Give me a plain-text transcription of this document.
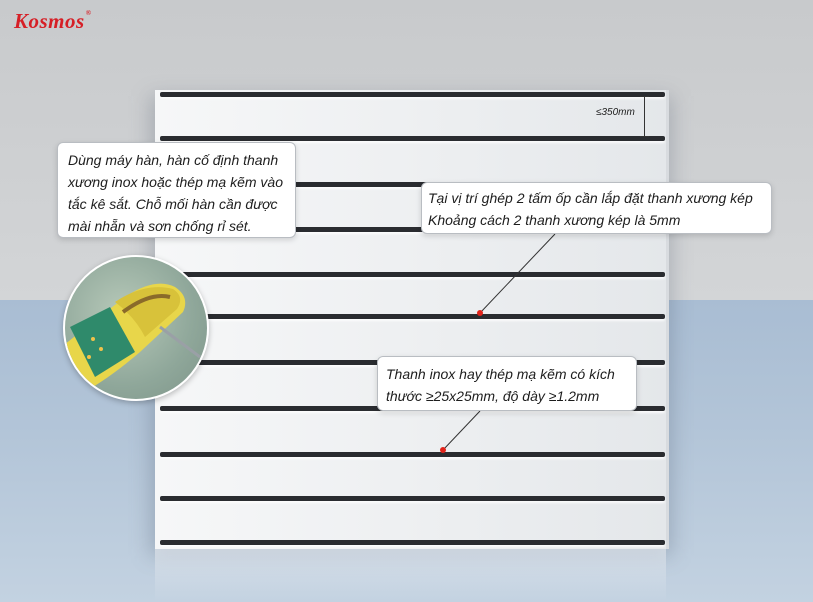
Kosmos®
≤350mm
Dùng máy hàn, hàn cố định thanh
xương inox hoặc thép mạ kẽm vào
tắc kê sắt. Chỗ mối hàn cần được
mài nhẵn và sơn chống rỉ sét.
Tại vị trí ghép 2 tấm ốp cần lắp đặt thanh xương kép
Khoảng cách 2 thanh xương kép là 5mm
Thanh inox hay thép mạ kẽm có kích
thước ≥25x25mm, độ dày ≥1.2mm
